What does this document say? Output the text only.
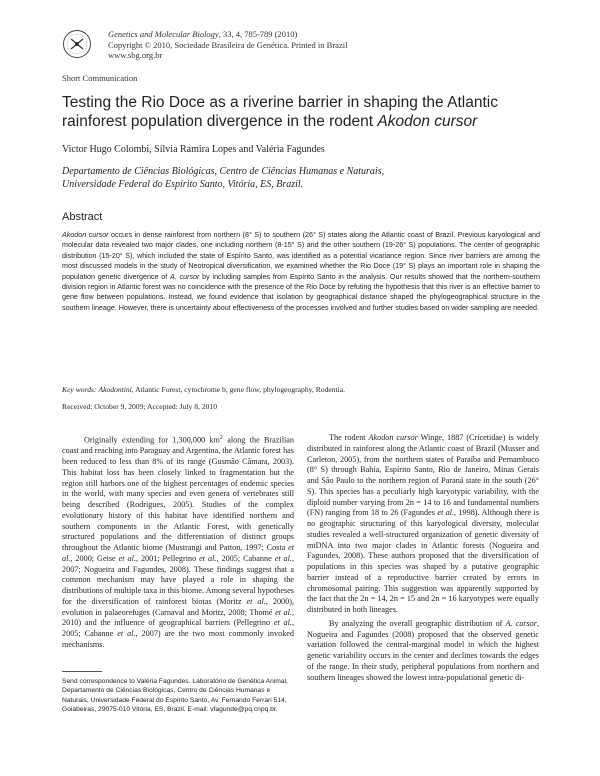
Genetics and Molecular Biology, 33, 4, 785-789 (2010)
Copyright © 2010, Sociedade Brasileira de Genética. Printed in Brazil
www.sbg.org.br
Short Communication
Testing the Rio Doce as a riverine barrier in shaping the Atlantic rainforest population divergence in the rodent Akodon cursor
Victor Hugo Colombi, Sílvia Ramira Lopes and Valéria Fagundes
Departamento de Ciências Biológicas, Centro de Ciências Humanas e Naturais,
Universidade Federal do Espírito Santo, Vitória, ES, Brazil.
Abstract
Akodon cursor occurs in dense rainforest from northern (8° S) to southern (26° S) states along the Atlantic coast of Brazil. Previous karyological and molecular data revealed two major clades, one including northern (8-15° S) and the other southern (19-26° S) populations. The center of geographic distribution (15-20° S), which included the state of Espírito Santo, was identified as a potential vicariance region. Since river barriers are among the most discussed models in the study of Neotropical diversification, we examined whether the Rio Doce (19° S) plays an important role in shaping the population genetic divergence of A. cursor by including samples from Espírito Santo in the analysis. Our results showed that the northern-southern division region in Atlantic forest was no coincidence with the presence of the Rio Doce by refuting the hypothesis that this river is an effective barrier to gene flow between populations. Instead, we found evidence that isolation by geographical distance shaped the phylogeographical structure in the southern lineage. However, there is uncertainty about effectiveness of the processes involved and further studies based on wider sampling are needed.
Key words: Akodontini, Atlantic Forest, cytochrome b, gene flow, phylogeography, Rodentia.
Received: October 9, 2009; Accepted: July 8, 2010

Originally extending for 1,300,000 $km^2$ along the Brazilian coast and reaching into Paraguay and Argentina, the Atlantic forest has been reduced to less than 8% of its range (Gusmão Câmara, 2003). This habitat loss has been closely linked to fragmentation but the region still harbors one of the highest percentages of endemic species in the world, with many species and even genera of vertebrates still being described (Rodrigues, 2005). Studies of the complex evolutionary history of this habitat have identified northern and southern components in the Atlantic Forest, with genetically structured populations and the differentiation of distinct groups throughout the Atlantic biome (Mustrangi and Patton, 1997; Costa et al., 2000; Geise et al., 2001; Pellegrino et al., 2005; Cabanne et al., 2007; Nogueira and Fagundes, 2008). These findings suggest that a common mechanism may have played a role in shaping the distributions of multiple taxa in this biome. Among several hypotheses for the diversification of rainforest biotas (Moritz et al., 2000), evolution in palaeorefuges (Carnaval and Moritz, 2008; Thomé et al., 2010) and the influence of geographical barriers (Pellegrino et al., 2005; Cabanne et al., 2007) are the two most commonly invoked mechanisms.

The rodent Akodon cursor Winge, 1887 (Cricetidae) is widely distributed in rainforest along the Atlantic coast of Brazil (Musser and Carleton, 2005), from the northern states of Paraíba and Pernambuco (8° S) through Bahia, Espírito Santo, Rio de Janeiro, Minas Gerais and São Paulo to the northern region of Paraná state in the south (26° S). This species has a peculiarly high karyotypic variability, with the diploid number varying from 2n = 14 to 16 and fundamental numbers (FN) ranging from 18 to 26 (Fagundes et al., 1998). Although there is no geographic structuring of this karyological diversity, molecular studies revealed a well-structured organization of genetic diversity of mtDNA into two major clades in Atlantic forests (Nogueira and Fagundes, 2008). These authors proposed that the diversification of populations in this species was shaped by a putative geographic barrier instead of a reproductive barrier created by errors in chromosomal pairing. This suggestion was apparently supported by the fact that the 2n = 14, 2n = 15 and 2n = 16 karyotypes were equally distributed in both lineages.

By analyzing the overall geographic distribution of A. cursor, Nogueira and Fagundes (2008) proposed that the observed genetic variation followed the central-marginal model in which the highest genetic variability occurs in the center and declines towards the edges of the range. In their study, peripheral populations from northern and southern lineages showed the lowest intra-populational genetic di-

Send correspondence to Valéria Fagundes. Laboratório de Genética Animal, Departamento de Ciências Biológicas, Centro de Ciências Humanas e Naturais, Universidade Federal do Espírito Santo, Av. Fernando Ferrari 514, Goiabeiras, 29075-010 Vitória, ES, Brazil. E-mail: vfagunde@pq.cnpq.br.
